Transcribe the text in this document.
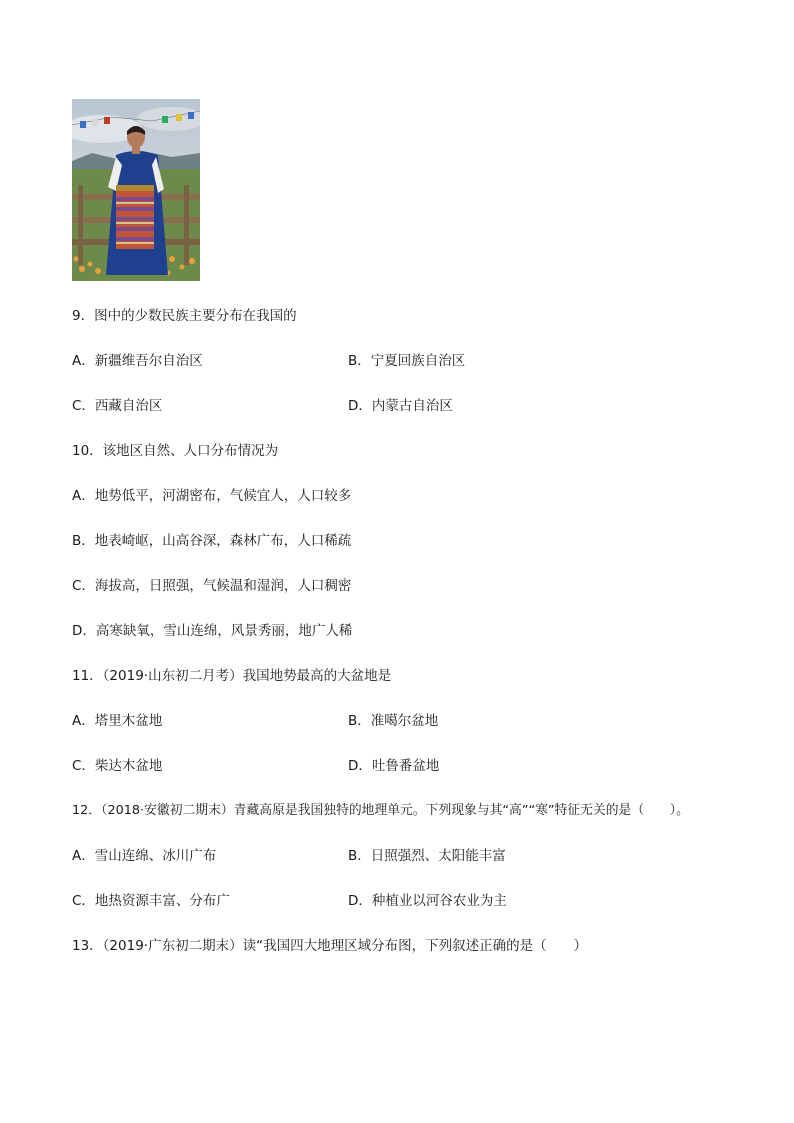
9．图中的少数民族主要分布在我国的
A．新疆维吾尔自治区	B．宁夏回族自治区
C．西藏自治区	D．内蒙古自治区
10．该地区自然、人口分布情况为
A．地势低平，河湖密布，气候宜人，人口较多
B．地表崎岖，山高谷深，森林广布，人口稀疏
C．海拔高，日照强，气候温和湿润，人口稠密
D．高寒缺氧，雪山连绵，风景秀丽，地广人稀
11．（2019·山东初二月考）我国地势最高的大盆地是
A．塔里木盆地	B．准噶尔盆地
C．柴达木盆地	D．吐鲁番盆地
12．（2018·安徽初二期末）青藏高原是我国独特的地理单元。下列现象与其“高”“寒”特征无关的是（　　）。
A．雪山连绵、冰川广布	B．日照强烈、太阳能丰富
C．地热资源丰富、分布广	D．种植业以河谷农业为主
13．（2019·广东初二期末）读“我国四大地理区域分布图，下列叙述正确的是（　　）
